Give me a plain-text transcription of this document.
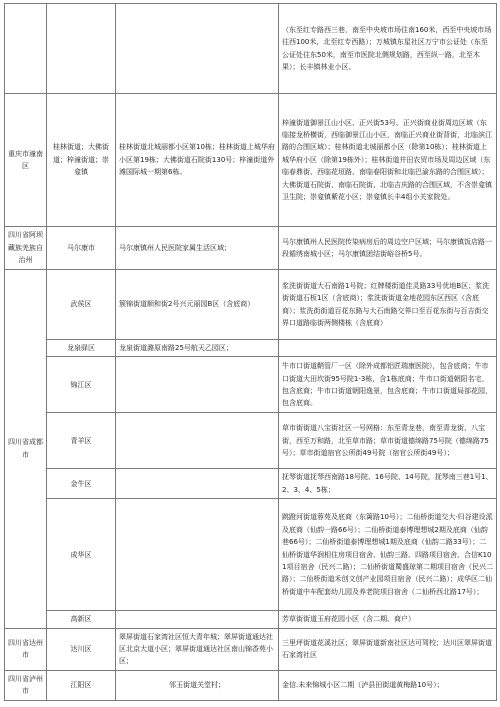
			（东至红专路西三巷，南至中央坡市场往南160米，西至中央坡市场往西100米，北至红专西路）；万城镇东星社区万宁市公证处（东至公证处往东50米，南至市医院北侧规划路，西至纵一路，北至木果）；长丰镇林业小区。
重庆市潼南区	桂林街道；大佛街道；梓潼街道；崇龛镇	桂林街道北城丽都小区第10栋；桂林街道上城华府小区第19栋；大佛街道石院街130号；梓潼街道外滩国际城一期第6栋。	梓潼街道御景江山小区、正兴街53号、正兴街商业街周边区域（东临接龙桥横街，西临御景江山小区，南临正兴商业街背街，北临滨江路的合围区域）；桂林街道北城丽都小区（除第10栋）；桂林街道上城华府小区（除第19栋外）；桂林街道井田农贸市场及周边区域（东临春鼎街、西临花垣路、南临春阳街和北临巴渝东路的合围区域）；大佛街道石院街、南临石院街、北临吉庆路的合围区域，不含崇龛镇卫生院；崇龛镇紫花小区；崇龛镇长丰4组小关家院处。
四川省阿坝藏族羌族自治州	马尔康市	马尔康镇州人民医院家属生活区域；	马尔康镇州人民医院传染病房后的周边空户区域；马尔康镇饭店路一段循绣南城小区；马尔康镇团结街峪谷桥5号。
四川省成都市	武侯区	簇锦街道顺和街2号兴元丽园B区（含底商）	浆洗街街道大石南路1号院；红牌楼街道佳灵路33号优地B区；浆洗街街道石板1区（含底商）；浆洗街街道金地花园东区西区（含底商）；浆洗街街道百花东路与大石南路交界口至百花东街与百吉街交界口道路临街两侧楼栋（含底商）
	龙泉驿区	龙泉街道潞原南路25号航天乙园区；	
	锦江区		牛市口街道鞘管厂一区（除外成都铝匠瑞康医院），包含底商；牛市口街道大田坎街95号院1-3栋，含1栋底商；牛市口街道朝阳名宅，包含底商；牛市口街道朝阳逸景，包含底商；牛市口街道局部花园，包含底商。
	青羊区		草市街街道八宝街社区一号网格：东至青龙巷，南至青龙街、八宝街，西至万和路，北至草市路；草市街道德绵路75号院（德绵路75号）；草市街道宿官公所街49号院（宿官公所街49号）；
	金牛区		抚琴街道抚琴西南路18号院、16号院、14号院，抚琴南三巷1号1、2、3、4、5栋；
	成华区		跳蹬河街道蓉苑及底商（东篱路10号）；二仙桥街道交大·归谷建设派及底商（仙韵一路66号）；二仙桥街道泰博理想城2期及底商（仙韵巷66号）；二仙桥街道泰博理想城1期及底商（仙韵二路33号）；二仙桥街道华润相住房项目宿舍、仙韵三路、四路项目宿舍、合信K101项目宿舍（民兴二路）；二仙桥街道蜀盛琼第二期项目宿舍（民兴二路）；二仙桥街道禾创文创产业园项目宿舍（民兴二路）；成华区二仙桥街道中车配套幼儿园及养老院项目宿舍（二仙桥西北路17号）；
	高新区		芳草街街道玉府花园小区（含二期、商户）
四川省达州市	达川区	翠屏街道石家湾社区恒大青年城；翠屏街道通达社区北京大道小区；翠屏街道通达社区南山锦香苑小区；	三里坪街道花溪社区；翠屏街道新南社区达可驾校；达川区翠屏街道石家湾社区
四川省泸州市	江阳区	邻玉街道关堂村；	金信.未来锦城小区二期（泸县田街道黄梅路10号）；
